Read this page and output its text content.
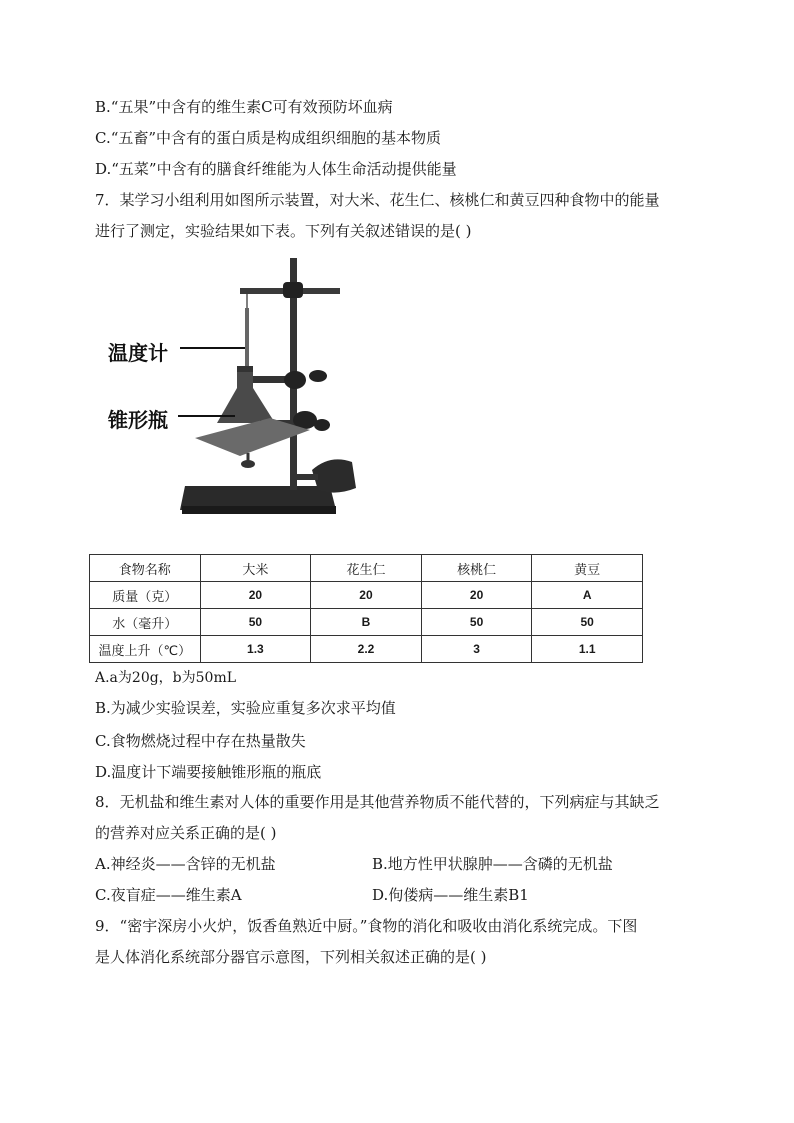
B.“五果”中含有的维生素C可有效预防坏血病
C.“五畜”中含有的蛋白质是构成组织细胞的基本物质
D.“五菜”中含有的膳食纤维能为人体生命活动提供能量
7．某学习小组利用如图所示装置，对大米、花生仁、核桃仁和黄豆四种食物中的能量
进行了测定，实验结果如下表。下列有关叙述错误的是( )
温度计
锥形瓶
食物名称	大米	花生仁	核桃仁	黄豆
质量（克）	20	20	20	A
水（毫升）	50	B	50	50
温度上升（℃）	1.3	2.2	3	1.1
A.a为20g，b为50mL
B.为减少实验误差，实验应重复多次求平均值
C.食物燃烧过程中存在热量散失
D.温度计下端要接触锥形瓶的瓶底
8．无机盐和维生素对人体的重要作用是其他营养物质不能代替的，下列病症与其缺乏
的营养对应关系正确的是( )
A.神经炎——含锌的无机盐	B.地方性甲状腺肿——含磷的无机盐
C.夜盲症——维生素A	D.佝偻病——维生素B1
9．“密宇深房小火炉，饭香鱼熟近中厨。”食物的消化和吸收由消化系统完成。下图
是人体消化系统部分器官示意图，下列相关叙述正确的是( )
